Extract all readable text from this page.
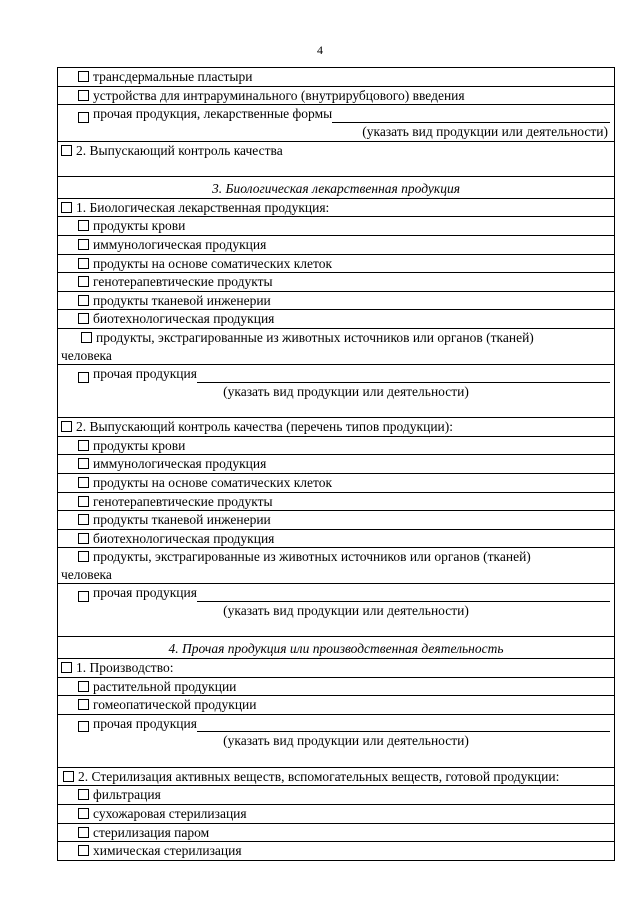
4
трансдермальные пластыри
устройства для интраруминального (внутрирубцового) введения

прочая продукция, лекарственные формы
(указать вид продукции или деятельности)

2. Выпускающий контроль качества
3. Биологическая лекарственная продукция
1. Биологическая лекарственная продукция:
продукты крови
иммунологическая продукция
продукты на основе соматических клеток
генотерапевтические продукты
продукты тканевой инженерии
биотехнологическая продукция

продукты, экстрагированные из животных источников или органов (тканей)
человека

прочая продукция
(указать вид продукции или деятельности)

2. Выпускающий контроль качества (перечень типов продукции):
продукты крови
иммунологическая продукция
продукты на основе соматических клеток
генотерапевтические продукты
продукты тканевой инженерии
биотехнологическая продукция

продукты, экстрагированные из животных источников или органов (тканей)
человека

прочая продукция
(указать вид продукции или деятельности)

4. Прочая продукция или производственная деятельность
1. Производство:
растительной продукции
гомеопатической продукции

прочая продукция
(указать вид продукции или деятельности)

2. Стерилизация активных веществ, вспомогательных веществ, готовой продукции:
фильтрация
сухожаровая стерилизация
стерилизация паром
химическая стерилизация
